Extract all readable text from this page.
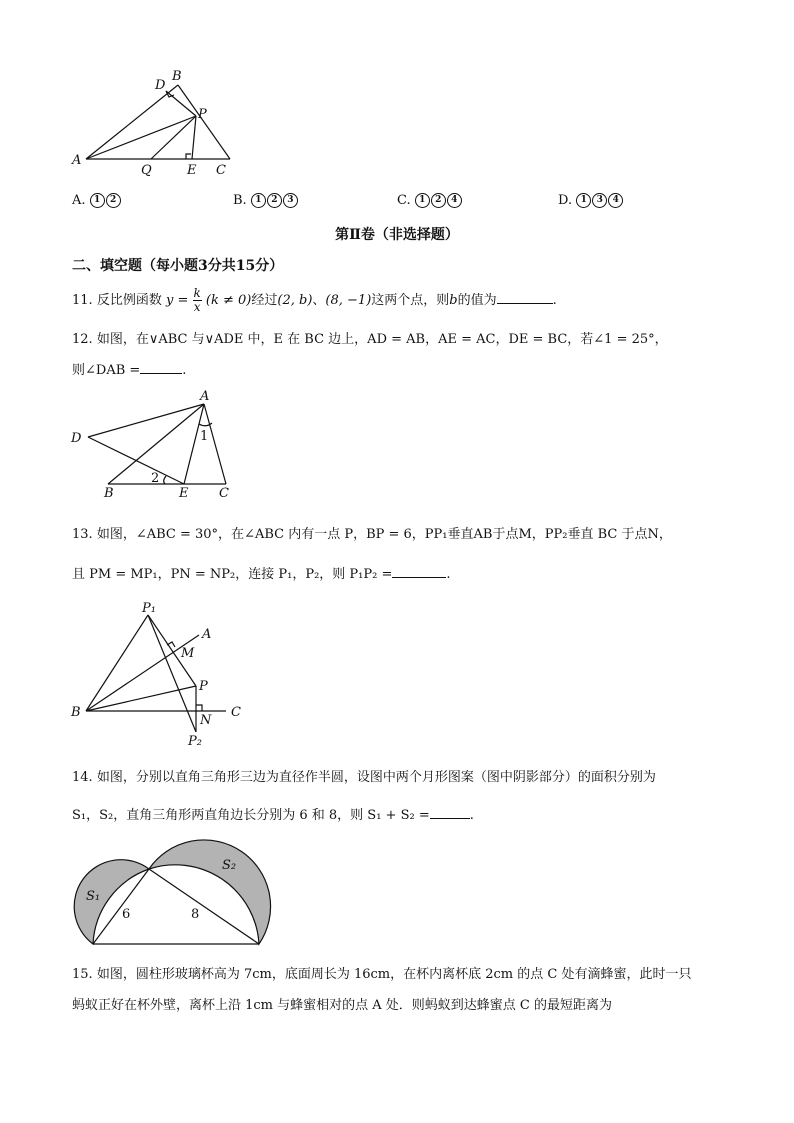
D
B
P
A
Q	E C
A. 1 2	B. 1 2 3	C. 1 2 4	D. 1 3 4
第Ⅱ卷（非选择题）
二、填空题（每小题3分共15分）
11. 反比例函数 $y = \frac{k}{x} (k \ne 0)$经过(2, b)、(8, −1)这两个点，则b的值为	.
12. 如图，在∨ABC 与∨ADE 中，E 在 BC 边上，AD = AB，AE = AC，DE = BC，若∠1 = 25°，
则∠DAB =	.
A
D	1
B
2
E C
13. 如图，∠ABC = 30°，在∠ABC 内有一点 P，BP = 6，PP₁垂直AB于点M，PP₂垂直 BC 于点N，
且 PM = MP₁，PN = NP₂，连接 P₁，P₂，则 P₁P₂ =	.
P₁
A
M
P
B
N
C
P₂
14. 如图，分别以直角三角形三边为直径作半圆，设图中两个月形图案（图中阴影部分）的面积分别为
S₁，S₂，直角三角形两直角边长分别为 6 和 8，则 S₁ + S₂ =	.
S₁
S₂
6	8
15. 如图，圆柱形玻璃杯高为 7cm，底面周长为 16cm，在杯内离杯底 2cm 的点 C 处有滴蜂蜜，此时一只
蚂蚁正好在杯外壁，离杯上沿 1cm 与蜂蜜相对的点 A 处．则蚂蚁到达蜂蜜点 C 的最短距离为
